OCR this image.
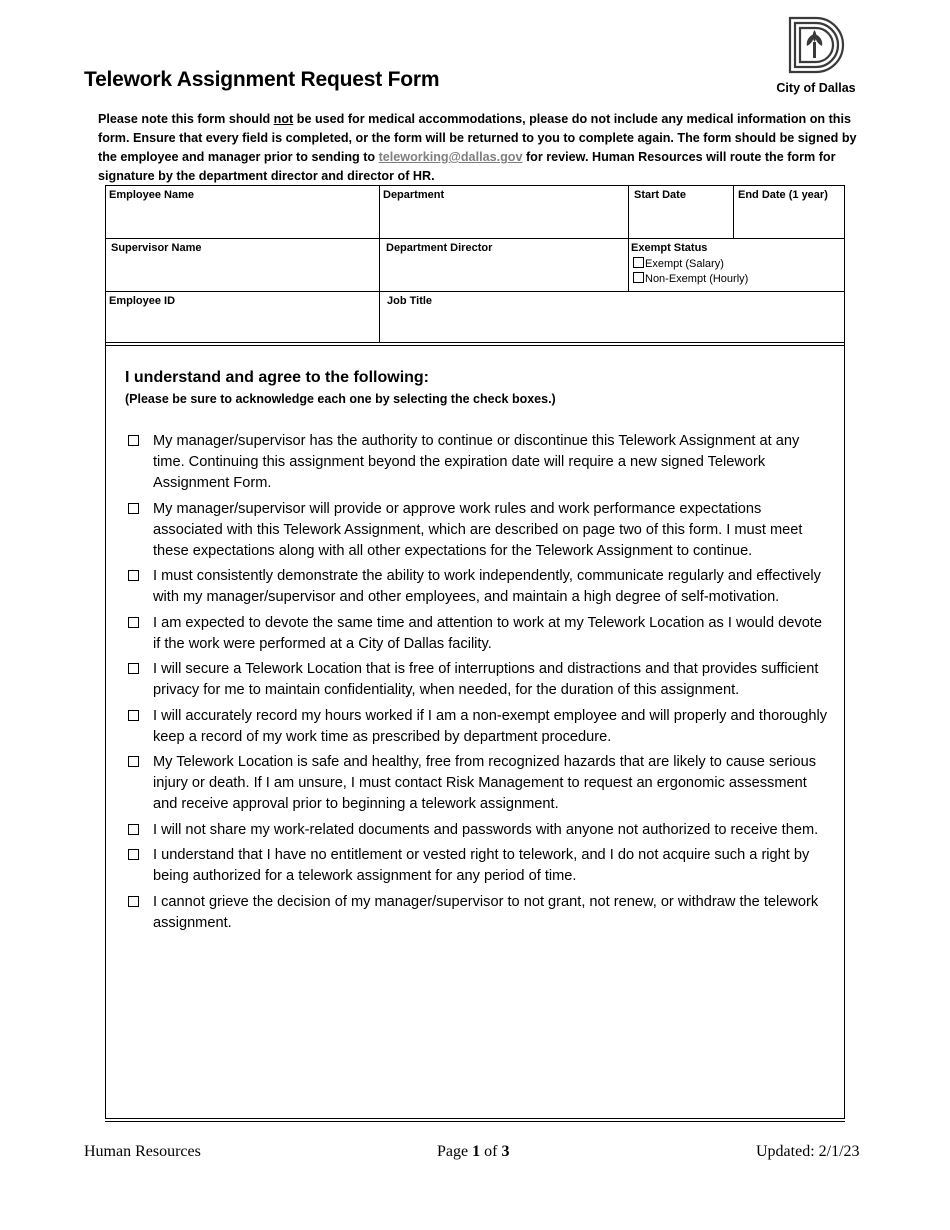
Telework Assignment Request Form	City of Dallas
Please note this form should not be used for medical accommodations, please do not include any medical information on this form. Ensure that every field is completed, or the form will be returned to you to complete again. The form should be signed by the employee and manager prior to sending to teleworking@dallas.gov for review. Human Resources will route the form for signature by the department director and director of HR.
Employee Name	Department	Start Date	End Date (1 year)
Supervisor Name	Department Director	Exempt Status
Exempt (Salary)
Non-Exempt (Hourly)
Employee ID	Job Title
I understand and agree to the following:
(Please be sure to acknowledge each one by selecting the check boxes.)
My manager/supervisor has the authority to continue or discontinue this Telework Assignment at any time. Continuing this assignment beyond the expiration date will require a new signed Telework Assignment Form.
My manager/supervisor will provide or approve work rules and work performance expectations associated with this Telework Assignment, which are described on page two of this form. I must meet these expectations along with all other expectations for the Telework Assignment to continue.
I must consistently demonstrate the ability to work independently, communicate regularly and effectively with my manager/supervisor and other employees, and maintain a high degree of self-motivation.
I am expected to devote the same time and attention to work at my Telework Location as I would devote if the work were performed at a City of Dallas facility.
I will secure a Telework Location that is free of interruptions and distractions and that provides sufficient privacy for me to maintain confidentiality, when needed, for the duration of this assignment.
I will accurately record my hours worked if I am a non-exempt employee and will properly and thoroughly keep a record of my work time as prescribed by department procedure.
My Telework Location is safe and healthy, free from recognized hazards that are likely to cause serious injury or death. If I am unsure, I must contact Risk Management to request an ergonomic assessment and receive approval prior to beginning a telework assignment.
I will not share my work-related documents and passwords with anyone not authorized to receive them.
I understand that I have no entitlement or vested right to telework, and I do not acquire such a right by being authorized for a telework assignment for any period of time.
I cannot grieve the decision of my manager/supervisor to not grant, not renew, or withdraw the telework assignment.
Human Resources	Page 1 of 3	Updated: 2/1/23
